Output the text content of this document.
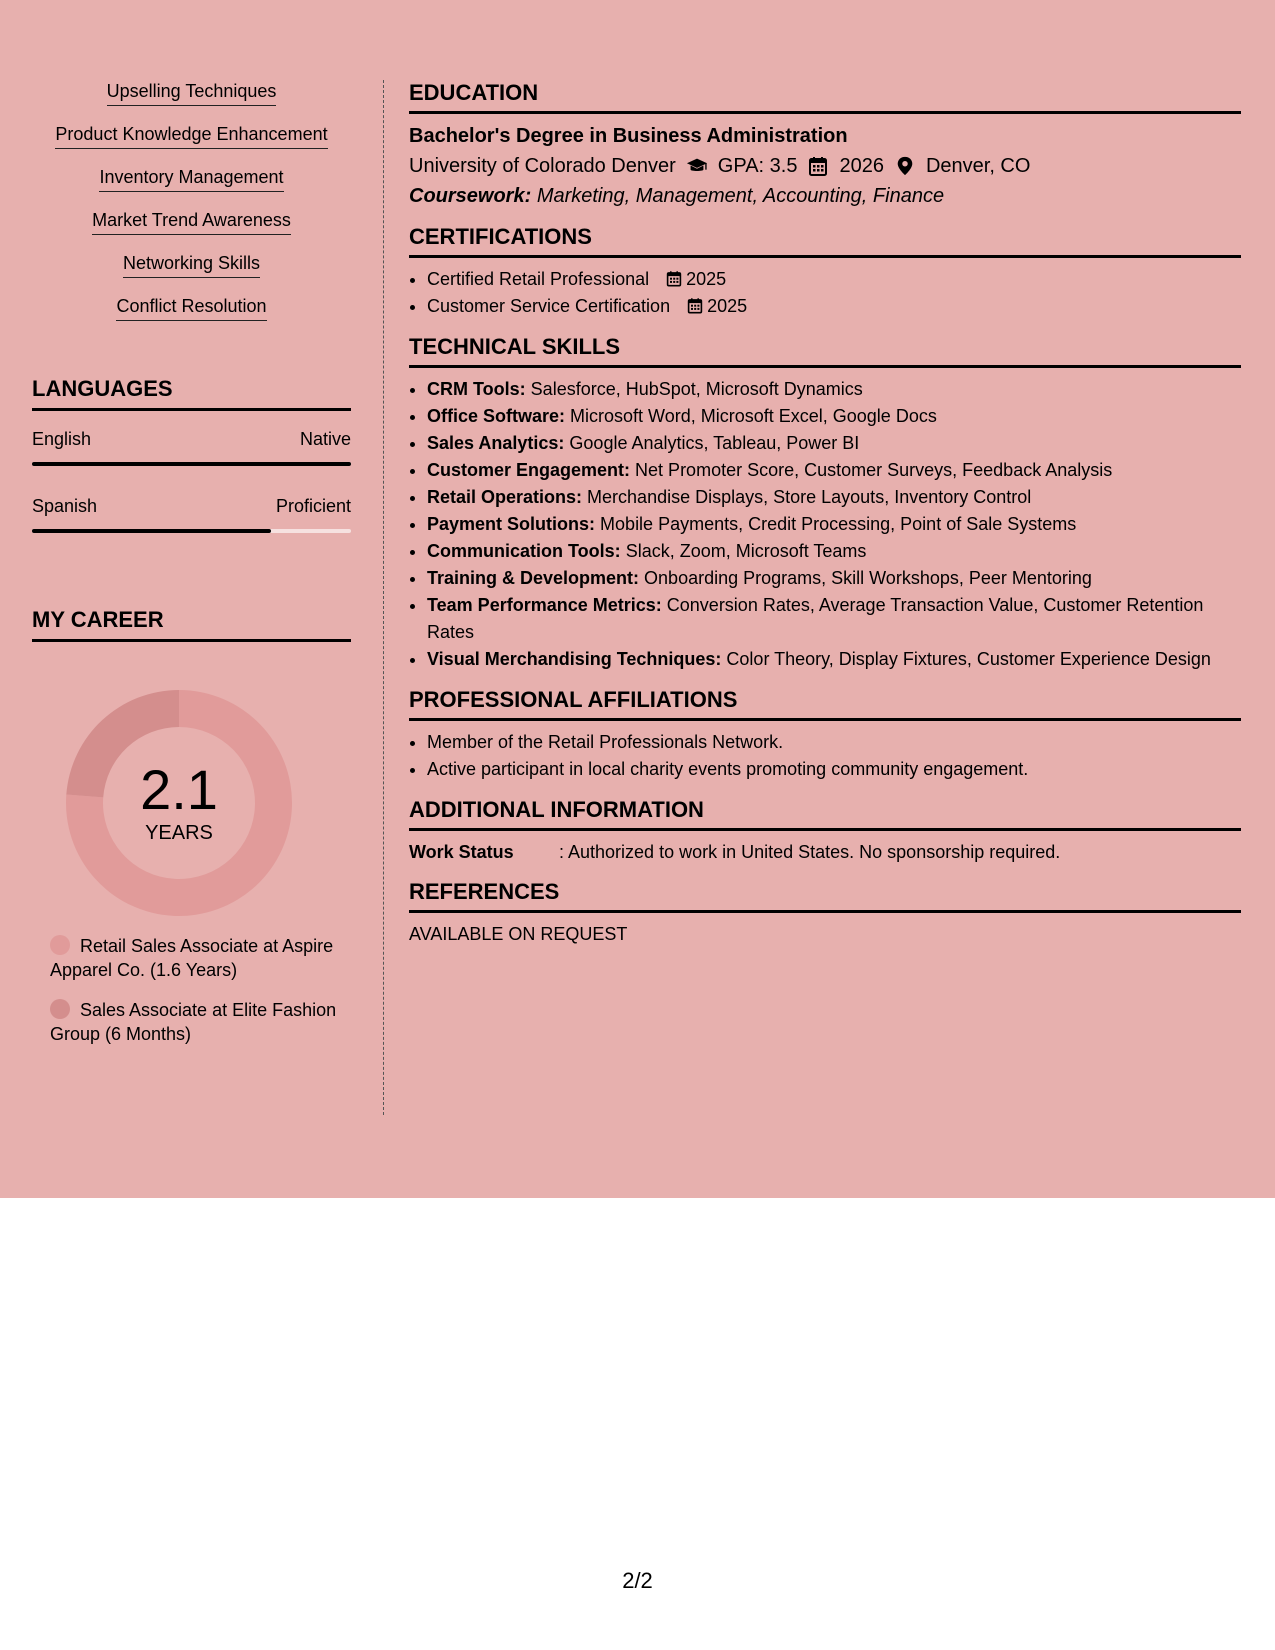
Upselling Techniques
Product Knowledge Enhancement
Inventory Management
Market Trend Awareness
Networking Skills
Conflict Resolution
LANGUAGES
English	Native
Spanish	Proficient
MY CAREER
2.1
YEARS
Retail Sales Associate at Aspire Apparel Co. (1.6 Years)
Sales Associate at Elite Fashion Group (6 Months)
EDUCATION
Bachelor's Degree in Business Administration
University of Colorado Denver GPA: 3.5 2026 Denver, CO
Coursework: Marketing, Management, Accounting, Finance
CERTIFICATIONS
• Certified Retail Professional 2025
• Customer Service Certification 2025
TECHNICAL SKILLS
• CRM Tools: Salesforce, HubSpot, Microsoft Dynamics
• Office Software: Microsoft Word, Microsoft Excel, Google Docs
• Sales Analytics: Google Analytics, Tableau, Power BI
• Customer Engagement: Net Promoter Score, Customer Surveys, Feedback Analysis
• Retail Operations: Merchandise Displays, Store Layouts, Inventory Control
• Payment Solutions: Mobile Payments, Credit Processing, Point of Sale Systems
• Communication Tools: Slack, Zoom, Microsoft Teams
• Training & Development: Onboarding Programs, Skill Workshops, Peer Mentoring
• Team Performance Metrics: Conversion Rates, Average Transaction Value, Customer Retention Rates
• Visual Merchandising Techniques: Color Theory, Display Fixtures, Customer Experience Design
PROFESSIONAL AFFILIATIONS
• Member of the Retail Professionals Network.
• Active participant in local charity events promoting community engagement.
ADDITIONAL INFORMATION
Work Status	: Authorized to work in United States. No sponsorship required.
REFERENCES
AVAILABLE ON REQUEST
2/2
